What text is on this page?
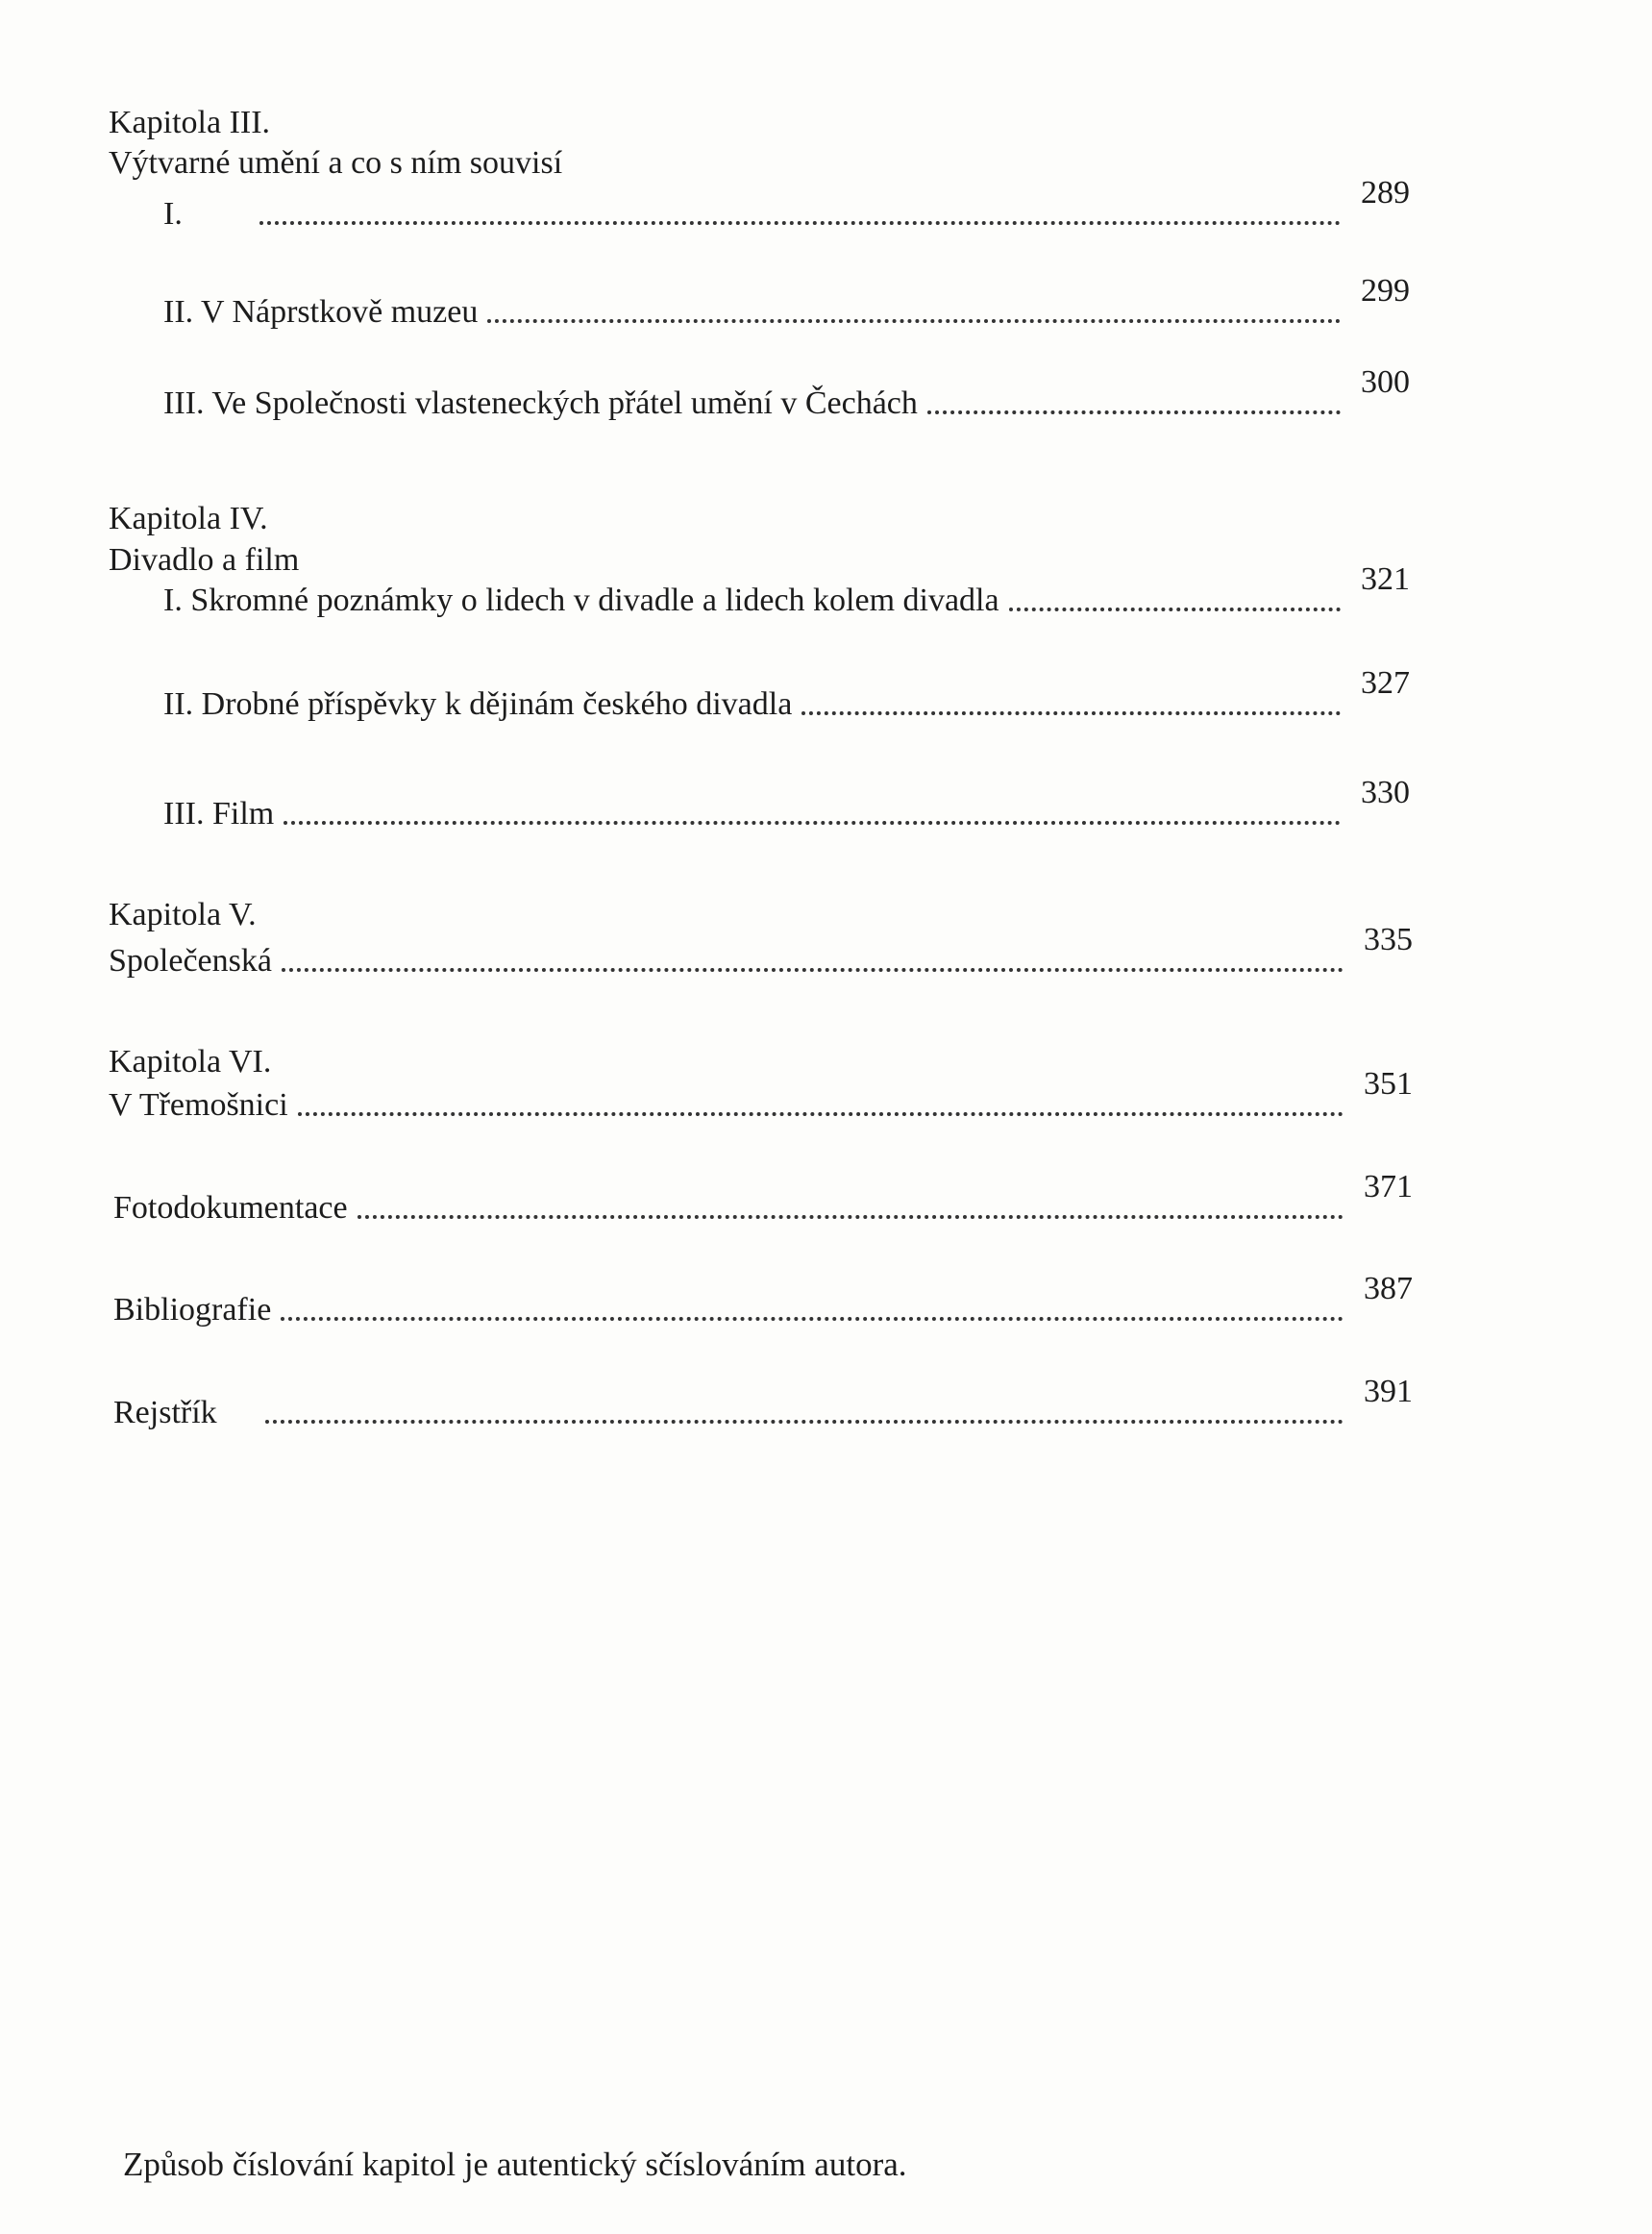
Kapitola III.
Výtvarné umění a co s ním souvisí
I.
289
II. V Náprstkově muzeu
299
III. Ve Společnosti vlasteneckých přátel umění v Čechách
300
Kapitola IV.
Divadlo a film
I. Skromné poznámky o lidech v divadle a lidech kolem divadla
321
II. Drobné příspěvky k dějinám českého divadla
327
III. Film
330
Kapitola V.
Společenská
335
Kapitola VI.
V Třemošnici
351
Fotodokumentace
371
Bibliografie
387
Rejstřík
391
Způsob číslování kapitol je autentický sčíslováním autora.
